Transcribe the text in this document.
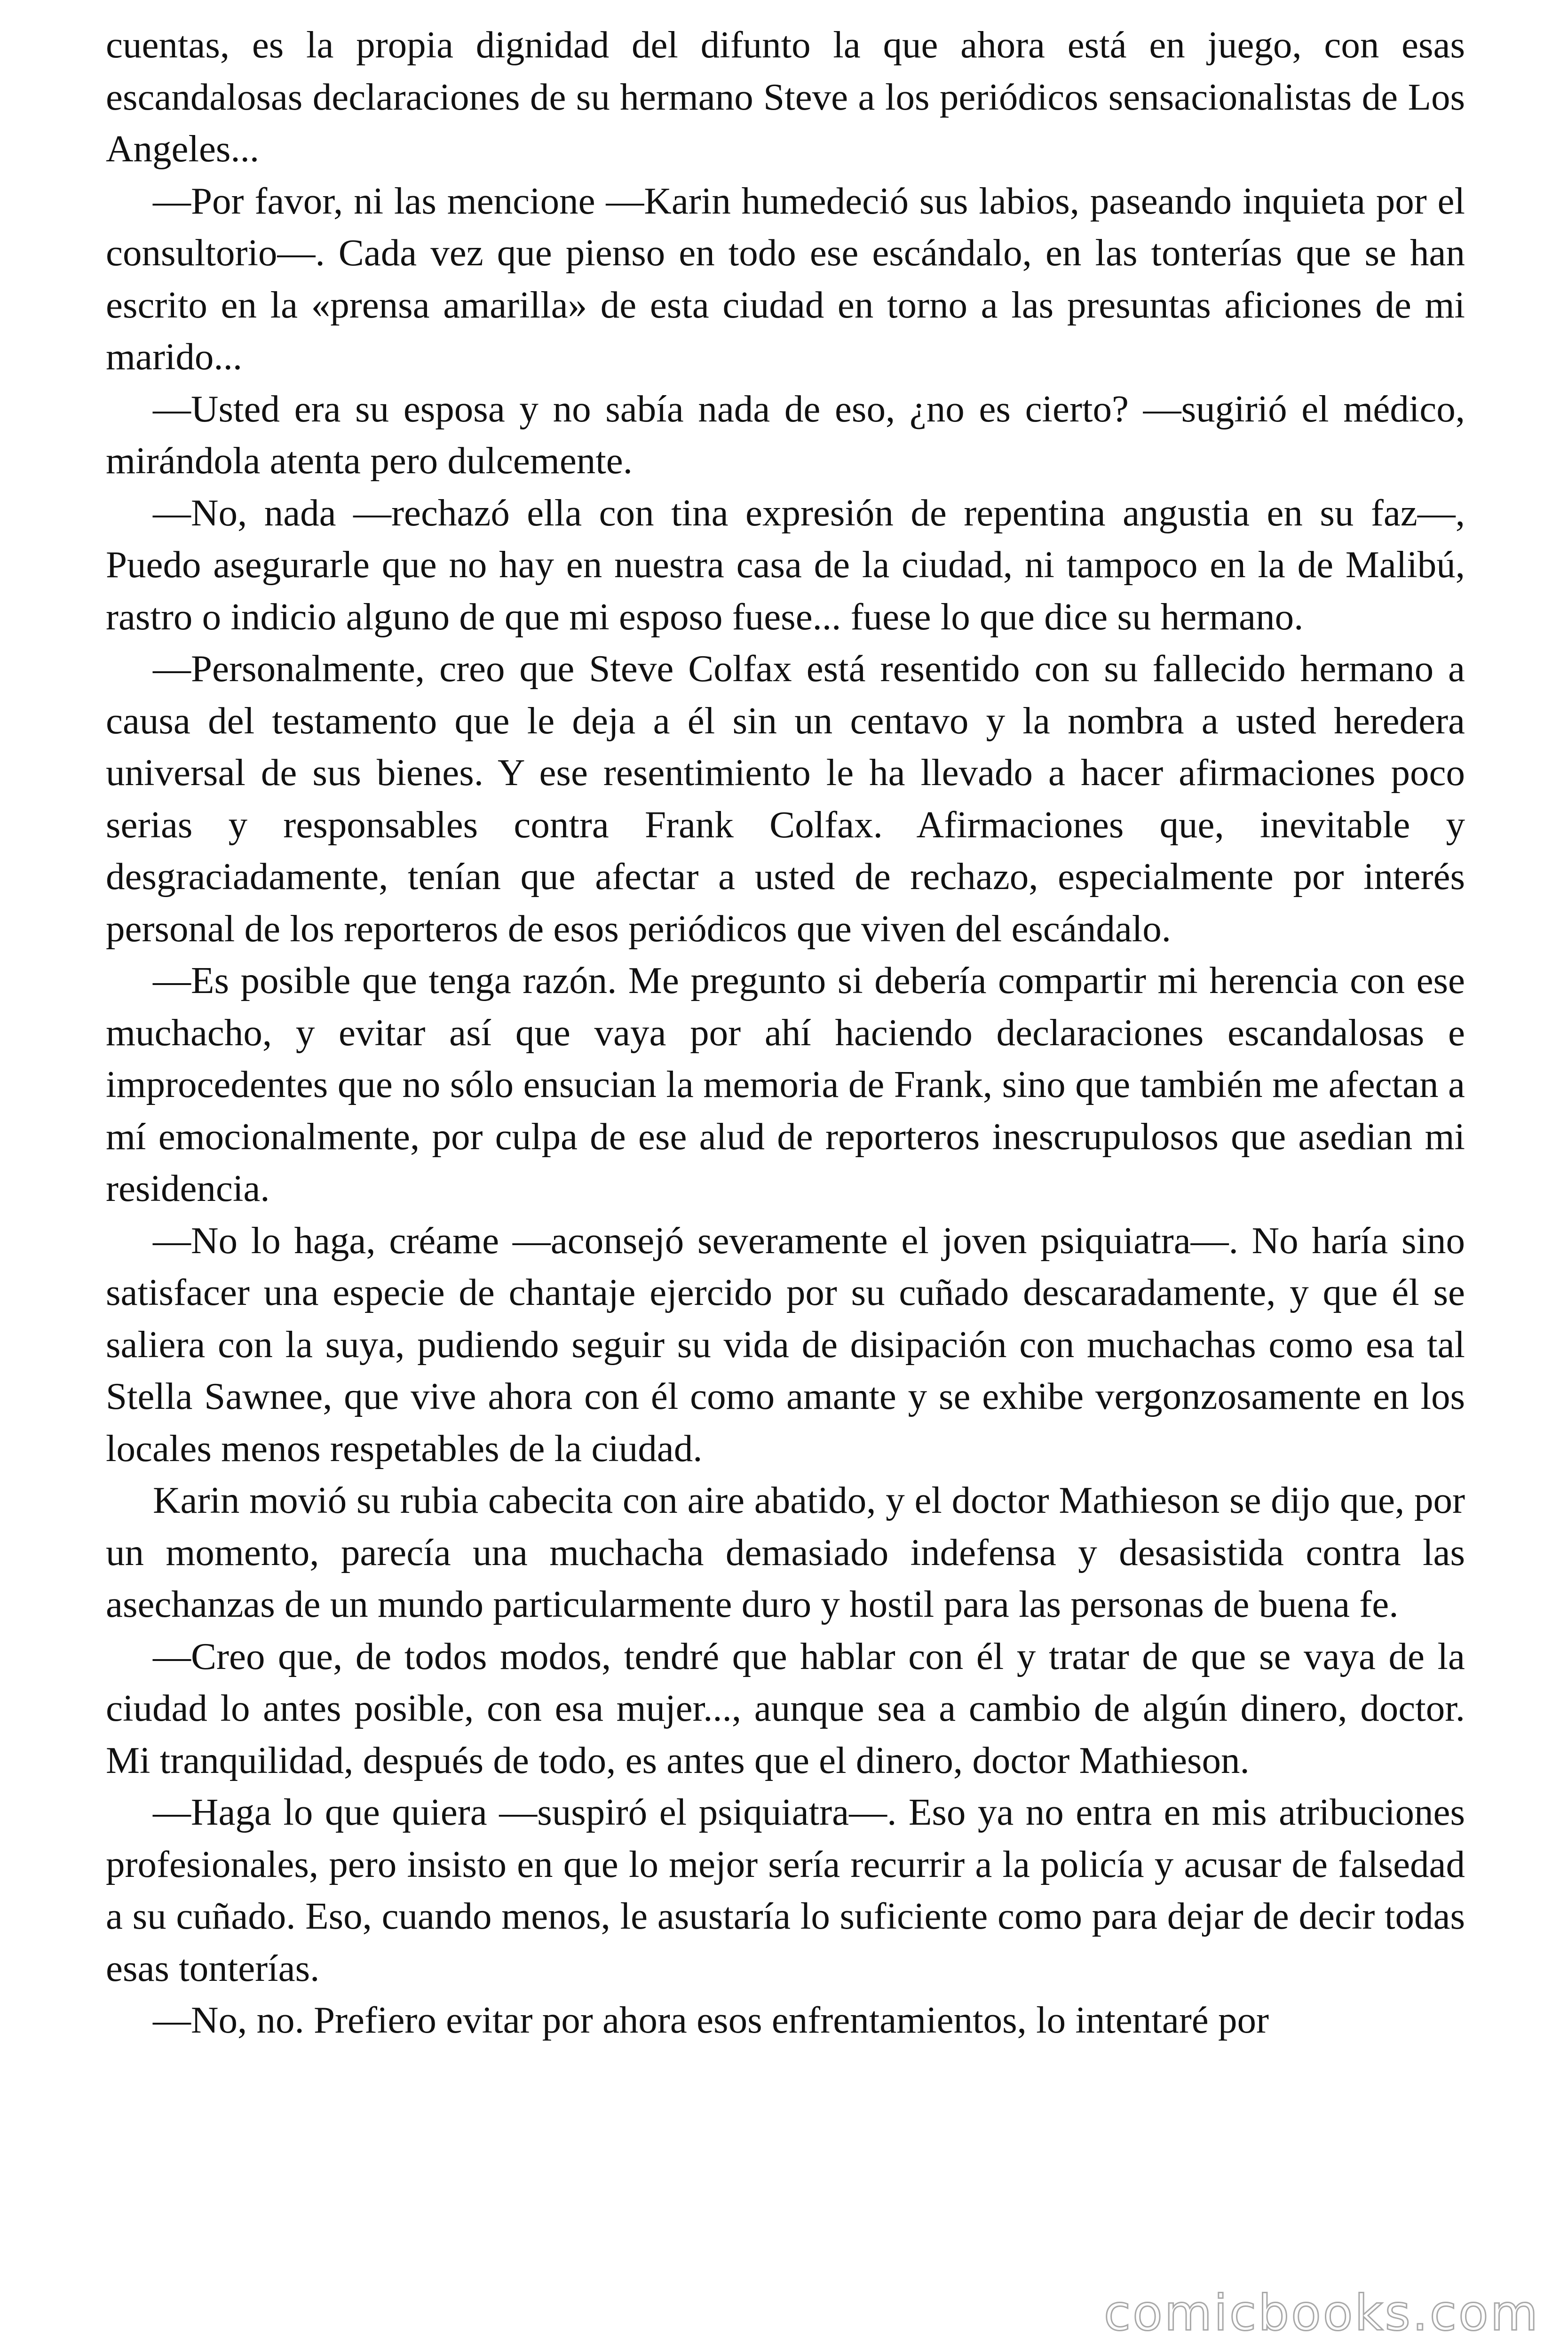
cuentas, es la propia dignidad del difunto la que ahora está en juego, con esas escandalosas declaraciones de su hermano Steve a los periódicos sensacionalistas de Los Angeles...

—Por favor, ni las mencione —Karin humedeció sus labios, paseando inquieta por el consultorio—. Cada vez que pienso en todo ese escándalo, en las tonterías que se han escrito en la «prensa amarilla» de esta ciudad en torno a las presuntas aficiones de mi marido...

—Usted era su esposa y no sabía nada de eso, ¿no es cierto? —sugirió el médico, mirándola atenta pero dulcemente.

—No, nada —rechazó ella con tina expresión de repentina angustia en su faz—, Puedo asegurarle que no hay en nuestra casa de la ciudad, ni tampoco en la de Malibú, rastro o indicio alguno de que mi esposo fuese... fuese lo que dice su hermano.

—Personalmente, creo que Steve Colfax está resentido con su fallecido hermano a causa del testamento que le deja a él sin un centavo y la nombra a usted heredera universal de sus bienes. Y ese resentimiento le ha llevado a hacer afirmaciones poco serias y responsables contra Frank Colfax. Afirmaciones que, inevitable y desgraciadamente, tenían que afectar a usted de rechazo, especialmente por interés personal de los reporteros de esos periódicos que viven del escándalo.

—Es posible que tenga razón. Me pregunto si debería compartir mi herencia con ese muchacho, y evitar así que vaya por ahí haciendo declaraciones escandalosas e improcedentes que no sólo ensucian la memoria de Frank, sino que también me afectan a mí emocionalmente, por culpa de ese alud de reporteros inescrupulosos que asedian mi residencia.

—No lo haga, créame —aconsejó severamente el joven psiquiatra—. No haría sino satisfacer una especie de chantaje ejercido por su cuñado descaradamente, y que él se saliera con la suya, pudiendo seguir su vida de disipación con muchachas como esa tal Stella Sawnee, que vive ahora con él como amante y se exhibe vergonzosamente en los locales menos respetables de la ciudad.

Karin movió su rubia cabecita con aire abatido, y el doctor Mathieson se dijo que, por un momento, parecía una muchacha demasiado indefensa y desasistida contra las asechanzas de un mundo particularmente duro y hostil para las personas de buena fe.

—Creo que, de todos modos, tendré que hablar con él y tratar de que se vaya de la ciudad lo antes posible, con esa mujer..., aunque sea a cambio de algún dinero, doctor. Mi tranquilidad, después de todo, es antes que el dinero, doctor Mathieson.

—Haga lo que quiera —suspiró el psiquiatra—. Eso ya no entra en mis atribuciones profesionales, pero insisto en que lo mejor sería recurrir a la policía y acusar de falsedad a su cuñado. Eso, cuando menos, le asustaría lo suficiente como para dejar de decir todas esas tonterías.

—No, no. Prefiero evitar por ahora esos enfrentamientos, lo intentaré por

comicbooks.com
